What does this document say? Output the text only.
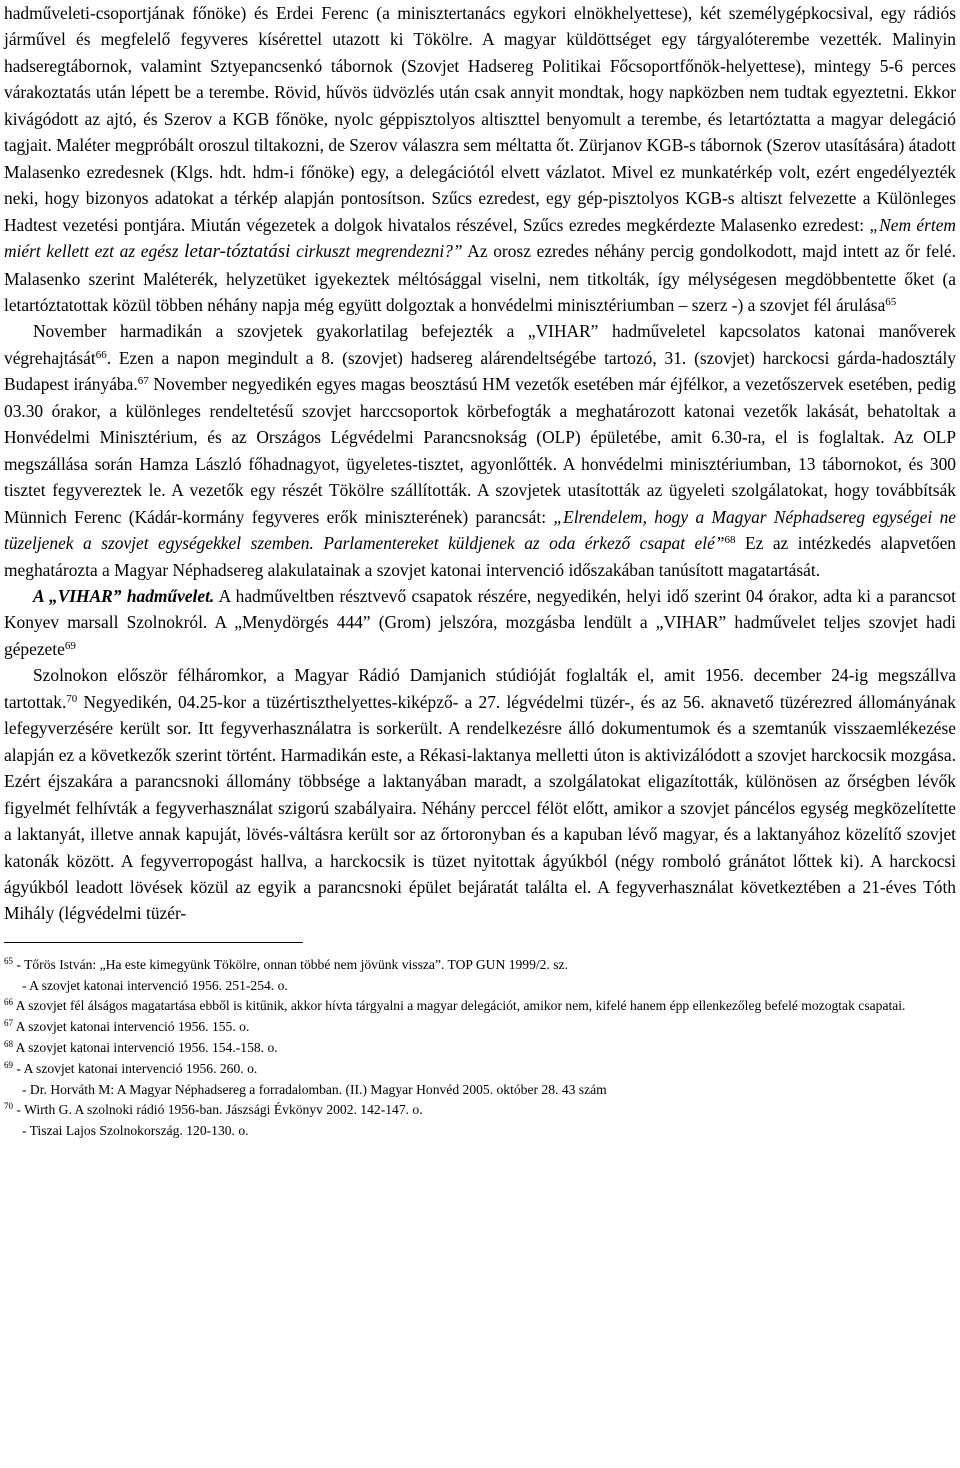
hadműveleti-csoportjának főnöke) és Erdei Ferenc (a minisztertanács egykori elnökhelyettese), két személygépkocsival, egy rádiós járművel és megfelelő fegyveres kísérettel utazott ki Tökölre. A magyar küldöttséget egy tárgyalóterembe vezették. Malinyin hadseregtábornok, valamint Sztyepancsenkó tábornok (Szovjet Hadsereg Politikai Főcsoportfőnök-helyettese), mintegy 5-6 perces várakoztatás után lépett be a terembe. Rövid, hűvös üdvözlés után csak annyit mondtak, hogy napközben nem tudtak egyeztetni. Ekkor kivágódott az ajtó, és Szerov a KGB főnöke, nyolc géppisztolyos altiszttel benyomult a terembe, és letartóztatta a magyar delegáció tagjait. Maléter megpróbált oroszul tiltakozni, de Szerov válaszra sem méltatta őt. Zürjanov KGB-s tábornok (Szerov utasítására) átadott Malasenko ezredesnek (Klgs. hdt. hdm-i főnöke) egy, a delegációtól elvett vázlatot. Mivel ez munkatérkép volt, ezért engedélyezték neki, hogy bizonyos adatokat a térkép alapján pontosítson. Szűcs ezredest, egy gép-pisztolyos KGB-s altiszt felvezette a Különleges Hadtest vezetési pontjára. Miután végezetek a dolgok hivatalos részével, Szűcs ezredes megkérdezte Malasenko ezredest: „Nem értem miért kellett ezt az egész letar-tóztatási cirkuszt megrendezni?” Az orosz ezredes néhány percig gondolkodott, majd intett az őr felé. Malasenko szerint Maléterék, helyzetüket igyekeztek méltósággal viselni, nem titkolták, így mélységesen megdöbbentette őket (a letartóztatottak közül többen néhány napja még együtt dolgoztak a honvédelmi minisztériumban – szerz -) a szovjet fél árulása$^{65}$

November harmadikán a szovjetek gyakorlatilag befejezték a „VIHAR” hadműveletel kapcsolatos katonai manőverek végrehajtását$^{66}$. Ezen a napon megindult a 8. (szovjet) hadsereg alárendeltségébe tartozó, 31. (szovjet) harckocsi gárda-hadosztály Budapest irányába.$^{67}$ November negyedikén egyes magas beosztású HM vezetők esetében már éjfélkor, a vezetőszervek esetében, pedig 03.30 órakor, a különleges rendeltetésű szovjet harccsoportok körbefogták a meghatározott katonai vezetők lakását, behatoltak a Honvédelmi Minisztérium, és az Országos Légvédelmi Parancsnokság (OLP) épületébe, amit 6.30-ra, el is foglaltak. Az OLP megszállása során Hamza László főhadnagyot, ügyeletes-tisztet, agyonlőtték. A honvédelmi minisztériumban, 13 tábornokot, és 300 tisztet fegyvereztek le. A vezetők egy részét Tökölre szállították. A szovjetek utasították az ügyeleti szolgálatokat, hogy továbbítsák Münnich Ferenc (Kádár-kormány fegyveres erők miniszterének) parancsát: „Elrendelem, hogy a Magyar Néphadsereg egységei ne tüzeljenek a szovjet egységekkel szemben. Parlamentereket küldjenek az oda érkező csapat elé”$^{68}$ Ez az intézkedés alapvetően meghatározta a Magyar Néphadsereg alakulatainak a szovjet katonai intervenció időszakában tanúsított magatartását.

A „VIHAR” hadművelet. A hadműveltben résztvevő csapatok részére, negyedikén, helyi idő szerint 04 órakor, adta ki a parancsot Konyev marsall Szolnokról. A „Menydörgés 444” (Grom) jelszóra, mozgásba lendült a „VIHAR” hadművelet teljes szovjet hadi gépezete$^{69}$

Szolnokon először félháromkor, a Magyar Rádió Damjanich stúdióját foglalták el, amit 1956. december 24-ig megszállva tartottak.$^{70}$ Negyedikén, 04.25-kor a tüzértiszthelyettes-kiképző- a 27. légvédelmi tüzér-, és az 56. aknavető tüzérezred állományának lefegyverzésére került sor. Itt fegyverhasználatra is sorkerült. A rendelkezésre álló dokumentumok és a szemtanúk visszaemlékezése alapján ez a következők szerint történt. Harmadikán este, a Rékasi-laktanya melletti úton is aktivizálódott a szovjet harckocsik mozgása. Ezért éjszakára a parancsnoki állomány többsége a laktanyában maradt, a szolgálatokat eligazították, különösen az őrségben lévők figyelmét felhívták a fegyverhasználat szigorú szabályaira. Néhány perccel félöt előtt, amikor a szovjet páncélos egység megközelítette a laktanyát, illetve annak kapuját, lövés-váltásra került sor az őrtoronyban és a kapuban lévő magyar, és a laktanyához közelítő szovjet katonák között. A fegyverropogást hallva, a harckocsik is tüzet nyitottak ágyúkból (négy romboló gránátot lőttek ki). A harckocsi ágyúkból leadott lövések közül az egyik a parancsnoki épület bejáratát találta el. A fegyverhasználat következtében a 21-éves Tóth Mihály (légvédelmi tüzér-

$^{65}$ - Tőrös István: „Ha este kimegyünk Tökölre, onnan többé nem jövünk vissza”. TOP GUN 1999/2. sz.

- A szovjet katonai intervenció 1956. 251-254. o.

$^{66}$ A szovjet fél álságos magatartása ebből is kitűnik, akkor hívta tárgyalni a magyar delegációt, amikor nem, kifelé hanem épp ellenkezőleg befelé mozogtak csapatai.

$^{67}$ A szovjet katonai intervenció 1956. 155. o.

$^{68}$ A szovjet katonai intervenció 1956. 154.-158. o.

$^{69}$ - A szovjet katonai intervenció 1956. 260. o.

- Dr. Horváth M: A Magyar Néphadsereg a forradalomban. (II.) Magyar Honvéd 2005. október 28. 43 szám

$^{70}$ - Wirth G. A szolnoki rádió 1956-ban. Jászsági Évkönyv 2002. 142-147. o.

- Tiszai Lajos Szolnokország. 120-130. o.
